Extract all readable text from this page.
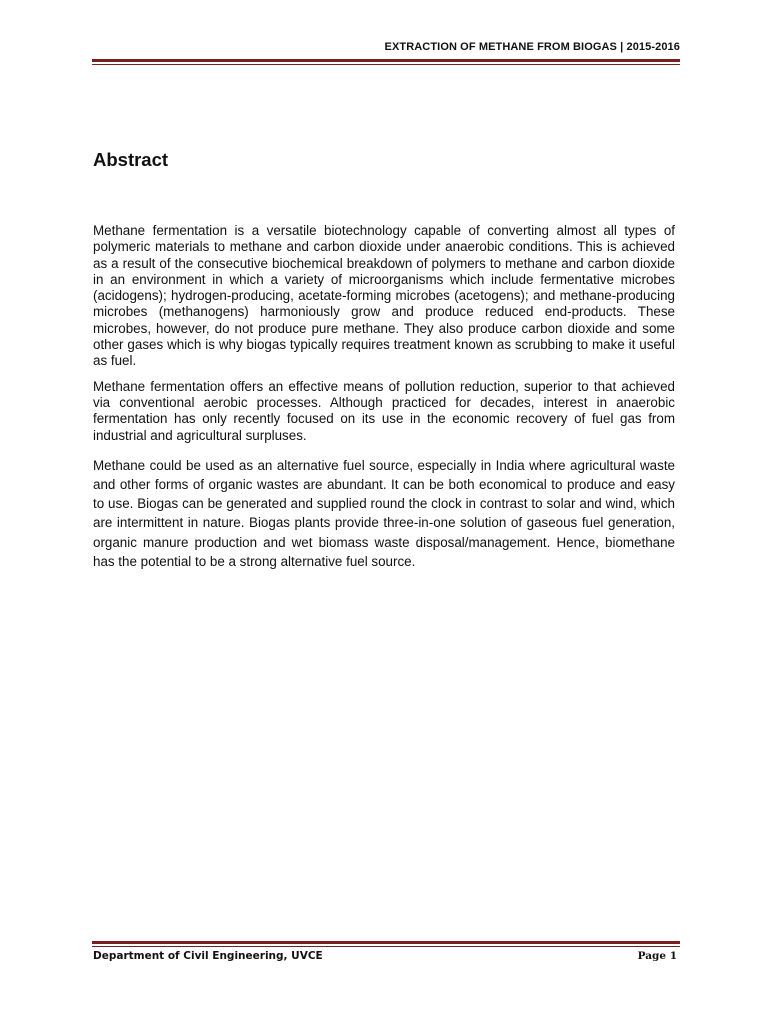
EXTRACTION OF METHANE FROM BIOGAS | 2015-2016
Abstract

Methane fermentation is a versatile biotechnology capable of converting almost all types of polymeric materials to methane and carbon dioxide under anaerobic conditions. This is achieved as a result of the consecutive biochemical breakdown of polymers to methane and carbon dioxide in an environment in which a variety of microorganisms which include fermentative microbes (acidogens); hydrogen-producing, acetate-forming microbes (acetogens); and methane-producing microbes (methanogens) harmoniously grow and produce reduced end-products. These microbes, however, do not produce pure methane. They also produce carbon dioxide and some other gases which is why biogas typically requires treatment known as scrubbing to make it useful as fuel.

Methane fermentation offers an effective means of pollution reduction, superior to that achieved via conventional aerobic processes. Although practiced for decades, interest in anaerobic fermentation has only recently focused on its use in the economic recovery of fuel gas from industrial and agricultural surpluses.

Methane could be used as an alternative fuel source, especially in India where agricultural waste and other forms of organic wastes are abundant. It can be both economical to produce and easy to use. Biogas can be generated and supplied round the clock in contrast to solar and wind, which are intermittent in nature. Biogas plants provide three-in-one solution of gaseous fuel generation, organic manure production and wet biomass waste disposal/management. Hence, biomethane has the potential to be a strong alternative fuel source.

Department of Civil Engineering, UVCE	Page 1
